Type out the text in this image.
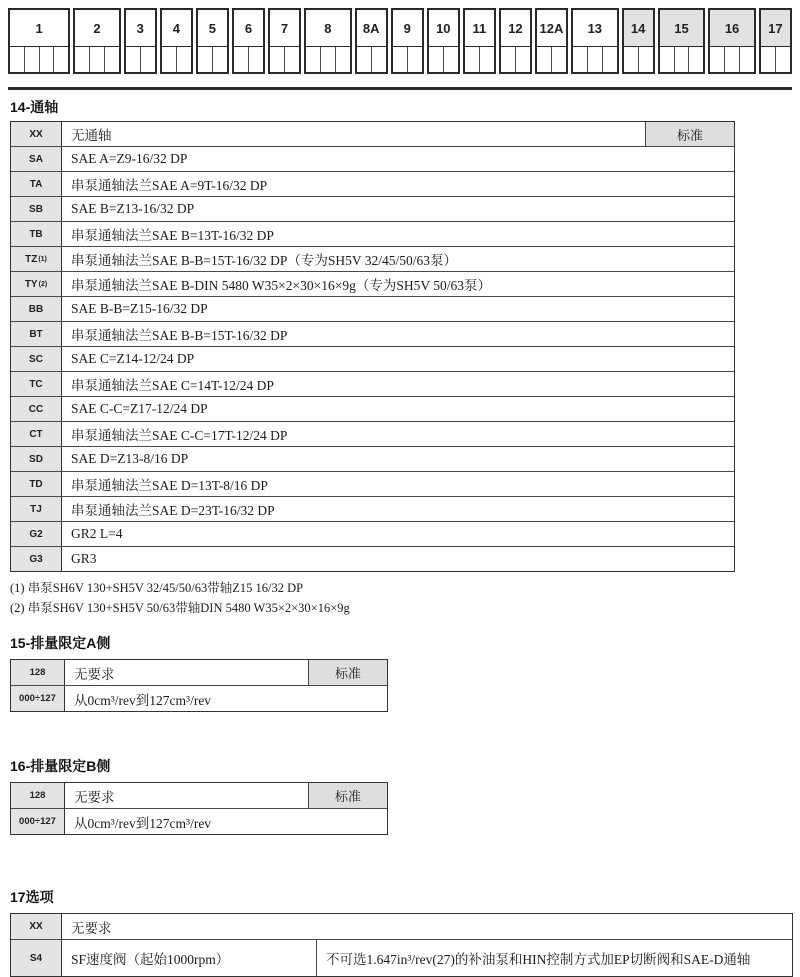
1	2	3	4	5	6	7	8	8A	9	10	11	12	12A	13	14	15	16	17
14-通轴
XX	无通轴	标准
SA	SAE A=Z9-16/32 DP
TA	串泵通轴法兰SAE A=9T-16/32 DP
SB	SAE B=Z13-16/32 DP
TB	串泵通轴法兰SAE B=13T-16/32 DP
TZ (1)	串泵通轴法兰SAE B-B=15T-16/32 DP（专为SH5V 32/45/50/63泵）
TY (2)	串泵通轴法兰SAE B-DIN 5480 W35×2×30×16×9g（专为SH5V 50/63泵）
BB	SAE B-B=Z15-16/32 DP
BT	串泵通轴法兰SAE B-B=15T-16/32 DP
SC	SAE C=Z14-12/24 DP
TC	串泵通轴法兰SAE C=14T-12/24 DP
CC	SAE C-C=Z17-12/24 DP
CT	串泵通轴法兰SAE C-C=17T-12/24 DP
SD	SAE D=Z13-8/16 DP
TD	串泵通轴法兰SAE D=13T-8/16 DP
TJ	串泵通轴法兰SAE D=23T-16/32 DP
G2	GR2 L=4
G3	GR3
(1) 串泵SH6V 130+SH5V 32/45/50/63带轴Z15 16/32 DP
(2) 串泵SH6V 130+SH5V 50/63带轴DIN 5480 W35×2×30×16×9g
15-排量限定A侧
128	无要求	标准
000÷127	从0cm³/rev到127cm³/rev
16-排量限定B侧
128	无要求	标准
000÷127	从0cm³/rev到127cm³/rev
17选项
XX	无要求
S4	SF速度阀（起始1000rpm）	不可选1.647in³/rev(27)的补油泵和HIN控制方式加EP切断阀和SAE-D通轴
